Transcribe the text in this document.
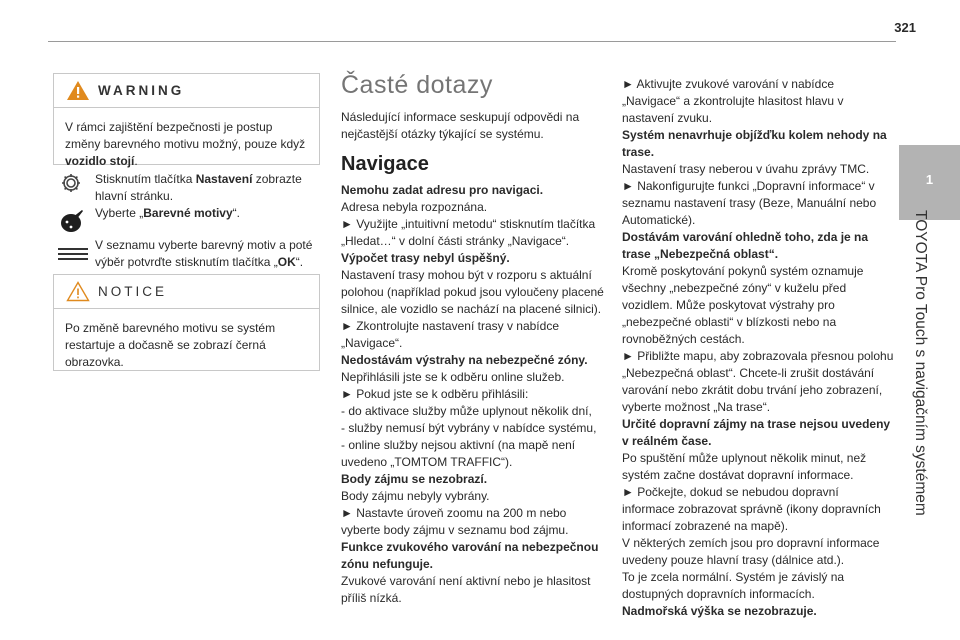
321
1
TOYOTA Pro Touch s navigačním systémem
WARNING
V rámci zajištění bezpečnosti je postup změny barevného motivu možný, pouze když vozidlo stojí.
Stisknutím tlačítka Nastavení zobrazte hlavní stránku.
Vyberte „Barevné motivy“.
V seznamu vyberte barevný motiv a poté výběr potvrďte stisknutím tlačítka „OK“.
NOTICE
Po změně barevného motivu se systém restartuje a dočasně se zobrazí černá obrazovka.
Časté dotazy

Následující informace seskupují odpovědi na nejčastější otázky týkající se systému.

Navigace

Nemohu zadat adresu pro navigaci.

Adresa nebyla rozpoznána.

► Využijte „intuitivní metodu“ stisknutím tlačítka „Hledat…“ v dolní části stránky „Navigace“.

Výpočet trasy nebyl úspěšný.

Nastavení trasy mohou být v rozporu s aktuální polohou (například pokud jsou vyloučeny placené silnice, ale vozidlo se nachází na placené silnici).

► Zkontrolujte nastavení trasy v nabídce „Navigace“.

Nedostávám výstrahy na nebezpečné zóny.

Nepřihlásili jste se k odběru online služeb.

► Pokud jste se k odběru přihlásili:

- do aktivace služby může uplynout několik dní,

- služby nemusí být vybrány v nabídce systému,

- online služby nejsou aktivní (na mapě není uvedeno „TOMTOM TRAFFIC“).

Body zájmu se nezobrazí.

Body zájmu nebyly vybrány.

► Nastavte úroveň zoomu na 200 m nebo vyberte body zájmu v seznamu bod zájmu.

Funkce zvukového varování na nebezpečnou zónu nefunguje.

Zvukové varování není aktivní nebo je hlasitost příliš nízká.

► Aktivujte zvukové varování v nabídce „Navigace“ a zkontrolujte hlasitost hlavu v nastavení zvuku.

Systém nenavrhuje objížďku kolem nehody na trase.

Nastavení trasy neberou v úvahu zprávy TMC.

► Nakonfigurujte funkci „Dopravní informace“ v seznamu nastavení trasy (Beze, Manuální nebo Automatické).

Dostávám varování ohledně toho, zda je na trase „Nebezpečná oblast“.

Kromě poskytování pokynů systém oznamuje všechny „nebezpečné zóny“ v kuželu před vozidlem. Může poskytovat výstrahy pro „nebezpečné oblasti“ v blízkosti nebo na rovnoběžných cestách.

► Přibližte mapu, aby zobrazovala přesnou polohu „Nebezpečná oblast“. Chcete-li zrušit dostávání varování nebo zkrátit dobu trvání jeho zobrazení, vyberte možnost „Na trase“.

Určité dopravní zájmy na trase nejsou uvedeny v reálném čase.

Po spuštění může uplynout několik minut, než systém začne dostávat dopravní informace.

► Počkejte, dokud se nebudou dopravní informace zobrazovat správně (ikony dopravních informací zobrazené na mapě).

V některých zemích jsou pro dopravní informace uvedeny pouze hlavní trasy (dálnice atd.).

To je zcela normální. Systém je závislý na dostupných dopravních informacích.

Nadmořská výška se nezobrazuje.
